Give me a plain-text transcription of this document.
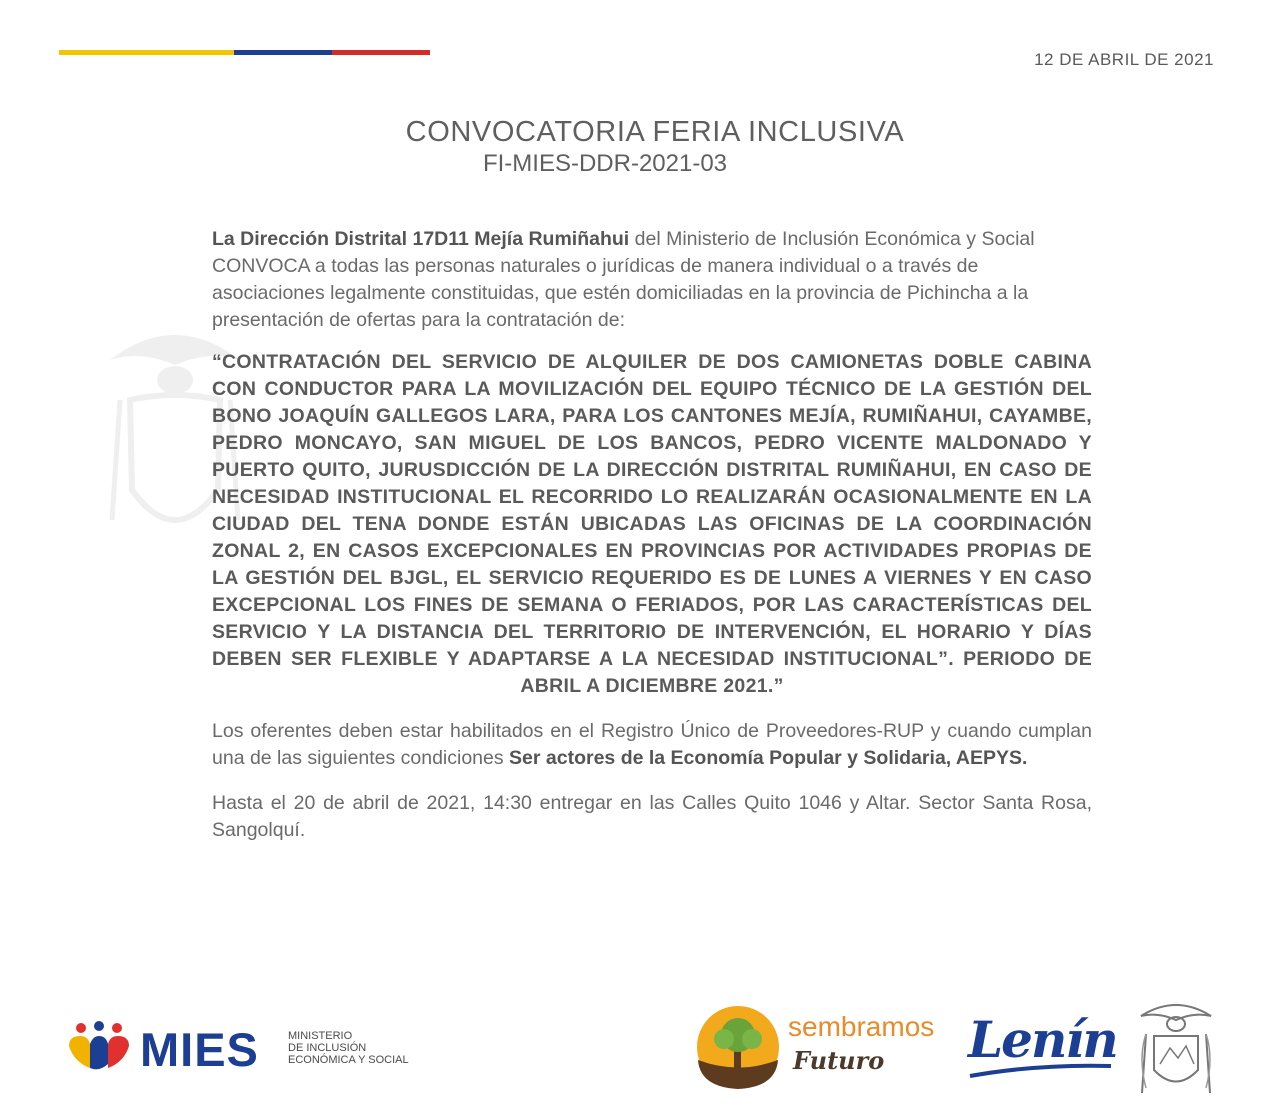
12 DE ABRIL DE 2021
CONVOCATORIA FERIA INCLUSIVA
FI-MIES-DDR-2021-03

La Dirección Distrital 17D11 Mejía Rumiñahui del Ministerio de Inclusión Económica y Social CONVOCA a todas las personas naturales o jurídicas de manera individual o a través de asociaciones legalmente constituidas, que estén domiciliadas en la provincia de Pichincha a la presentación de ofertas para la contratación de:

“CONTRATACIÓN DEL SERVICIO DE ALQUILER DE DOS CAMIONETAS DOBLE CABINA CON CONDUCTOR PARA LA MOVILIZACIÓN DEL EQUIPO TÉCNICO DE LA GESTIÓN DEL BONO JOAQUÍN GALLEGOS LARA, PARA LOS CANTONES MEJÍA, RUMIÑAHUI, CAYAMBE, PEDRO MONCAYO, SAN MIGUEL DE LOS BANCOS, PEDRO VICENTE MALDONADO Y PUERTO QUITO, JURUSDICCIÓN DE LA DIRECCIÓN DISTRITAL RUMIÑAHUI, EN CASO DE NECESIDAD INSTITUCIONAL EL RECORRIDO LO REALIZARÁN OCASIONALMENTE EN LA CIUDAD DEL TENA DONDE ESTÁN UBICADAS LAS OFICINAS DE LA COORDINACIÓN ZONAL 2, EN CASOS EXCEPCIONALES EN PROVINCIAS POR ACTIVIDADES PROPIAS DE LA GESTIÓN DEL BJGL, EL SERVICIO REQUERIDO ES DE LUNES A VIERNES Y EN CASO EXCEPCIONAL LOS FINES DE SEMANA O FERIADOS, POR LAS CARACTERÍSTICAS DEL SERVICIO Y LA DISTANCIA DEL TERRITORIO DE INTERVENCIÓN, EL HORARIO Y DÍAS DEBEN SER FLEXIBLE Y ADAPTARSE A LA NECESIDAD INSTITUCIONAL”. PERIODO DE ABRIL A DICIEMBRE 2021.”

Los oferentes deben estar habilitados en el Registro Único de Proveedores-RUP y cuando cumplan una de las siguientes condiciones Ser actores de la Economía Popular y Solidaria, AEPYS.

Hasta el 20 de abril de 2021, 14:30 entregar en las Calles Quito 1046 y Altar. Sector Santa Rosa, Sangolquí.

MIES	MINISTERIO
DE INCLUSIÓN
ECONÓMICA Y SOCIAL
sembramos
Futuro Lenín
